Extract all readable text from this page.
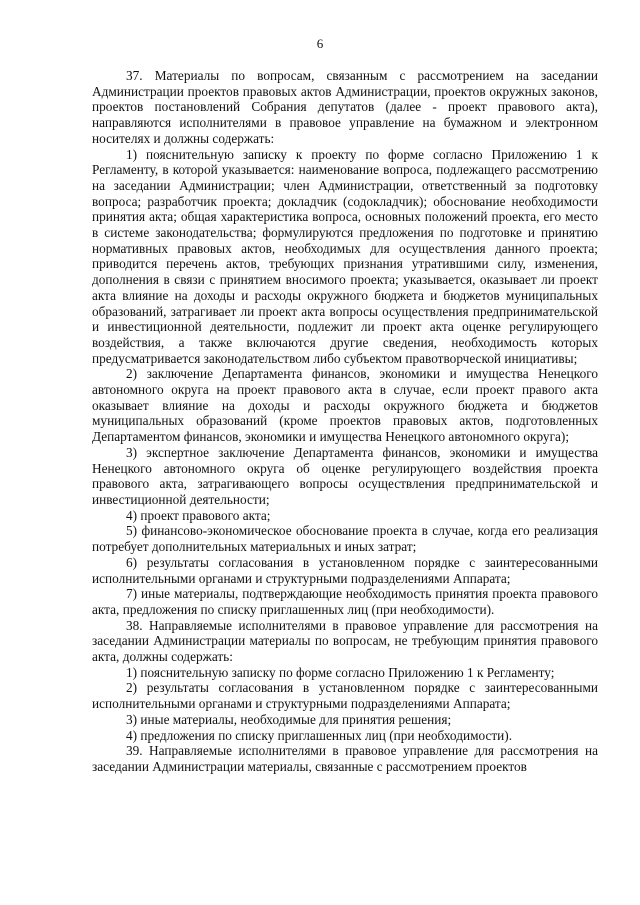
6

37. Материалы по вопросам, связанным с рассмотрением на заседании Администрации проектов правовых актов Администрации, проектов окружных законов, проектов постановлений Собрания депутатов (далее - проект правового акта), направляются исполнителями в правовое управление на бумажном и электронном носителях и должны содержать:

1) пояснительную записку к проекту по форме согласно Приложению 1 к Регламенту, в которой указывается: наименование вопроса, подлежащего рассмотрению на заседании Администрации; член Администрации, ответственный за подготовку вопроса; разработчик проекта; докладчик (содокладчик); обоснование необходимости принятия акта; общая характеристика вопроса, основных положений проекта, его место в системе законодательства; формулируются предложения по подготовке и принятию нормативных правовых актов, необходимых для осуществления данного проекта; приводится перечень актов, требующих признания утратившими силу, изменения, дополнения в связи с принятием вносимого проекта; указывается, оказывает ли проект акта влияние на доходы и расходы окружного бюджета и бюджетов муниципальных образований, затрагивает ли проект акта вопросы осуществления предпринимательской и инвестиционной деятельности, подлежит ли проект акта оценке регулирующего воздействия, а также включаются другие сведения, необходимость которых предусматривается законодательством либо субъектом правотворческой инициативы;

2) заключение Департамента финансов, экономики и имущества Ненецкого автономного округа на проект правового акта в случае, если проект правого акта оказывает влияние на доходы и расходы окружного бюджета и бюджетов муниципальных образований (кроме проектов правовых актов, подготовленных Департаментом финансов, экономики и имущества Ненецкого автономного округа);

3) экспертное заключение Департамента финансов, экономики и имущества Ненецкого автономного округа об оценке регулирующего воздействия проекта правового акта, затрагивающего вопросы осуществления предпринимательской и инвестиционной деятельности;

4) проект правового акта;

5) финансово-экономическое обоснование проекта в случае, когда его реализация потребует дополнительных материальных и иных затрат;

6) результаты согласования в установленном порядке с заинтересованными исполнительными органами и структурными подразделениями Аппарата;

7) иные материалы, подтверждающие необходимость принятия проекта правового акта, предложения по списку приглашенных лиц (при необходимости).

38. Направляемые исполнителями в правовое управление для рассмотрения на заседании Администрации материалы по вопросам, не требующим принятия правового акта, должны содержать:

1) пояснительную записку по форме согласно Приложению 1 к Регламенту;

2) результаты согласования в установленном порядке с заинтересованными исполнительными органами и структурными подразделениями Аппарата;

3) иные материалы, необходимые для принятия решения;

4) предложения по списку приглашенных лиц (при необходимости).

39. Направляемые исполнителями в правовое управление для рассмотрения на заседании Администрации материалы, связанные с рассмотрением проектов
